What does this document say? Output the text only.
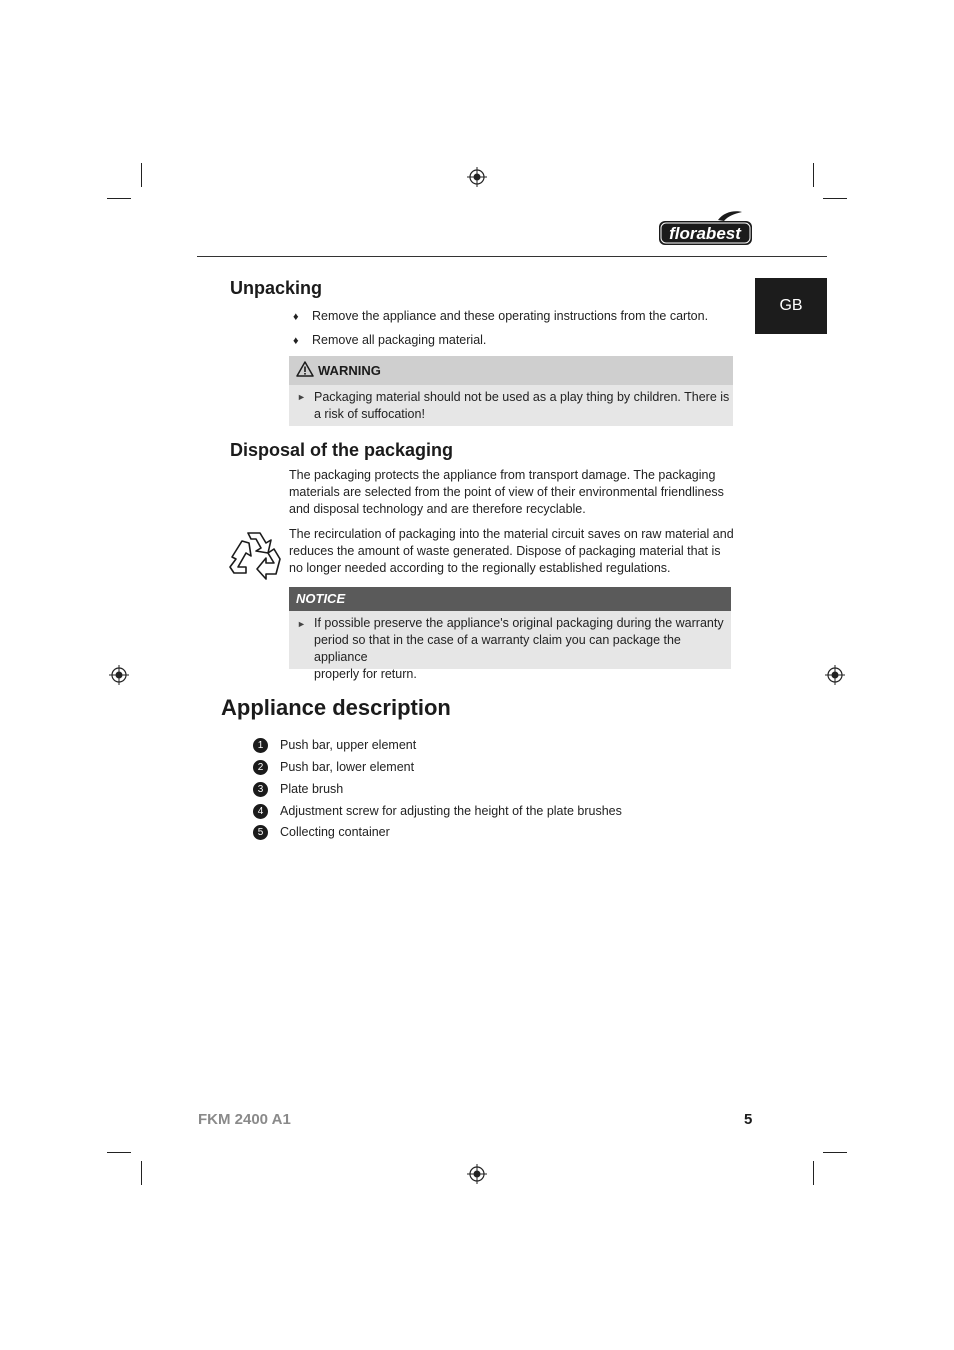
florabest
GB
Unpacking
♦ Remove the appliance and these operating instructions from the carton.
♦ Remove all packaging material.
WARNING
► Packaging material should not be used as a play thing by children. There is
a risk of suffocation!
Disposal of the packaging
The packaging protects the appliance from transport damage. The packaging
materials are selected from the point of view of their environmental friendliness
and disposal technology and are therefore recyclable.
The recirculation of packaging into the material circuit saves on raw material and
reduces the amount of waste generated. Dispose of packaging material that is
no longer needed according to the regionally established regulations.
NOTICE
► If possible preserve the appliance's original packaging during the warranty
period so that in the case of a warranty claim you can package the appliance
properly for return.
Appliance description
1	Push bar, upper element
2	Push bar, lower element
3	Plate brush
4	Adjustment screw for adjusting the height of the plate brushes
5	Collecting container
FKM 2400 A1	5
